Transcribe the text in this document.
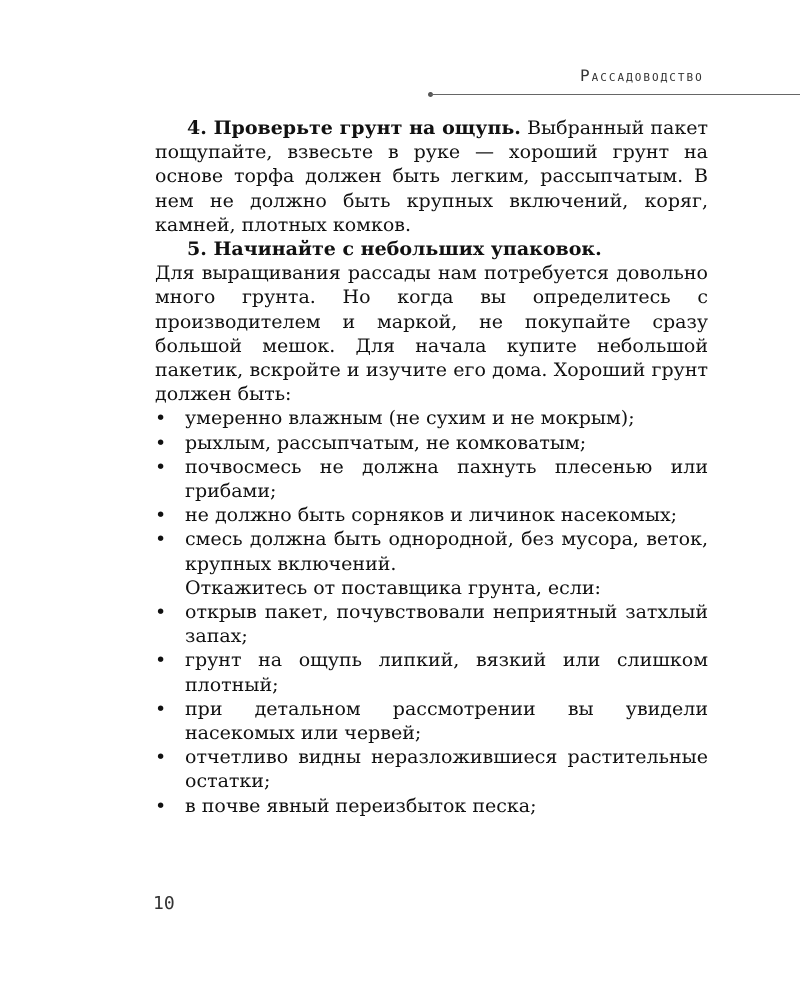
Рассадоводство

4. Проверьте грунт на ощупь. Выбранный пакет пощупайте, взвесьте в руке — хороший грунт на основе торфа должен быть легким, рассыпчатым. В нем не должно быть крупных включений, коряг, камней, плотных комков.

5. Начинайте с небольших упаковок.

Для выращивания рассады нам потребуется довольно много грунта. Но когда вы определитесь с производителем и маркой, не покупайте сразу большой мешок. Для начала купите небольшой пакетик, вскройте и изучите его дома. Хороший грунт должен быть:

• умеренно влажным (не сухим и не мокрым);
• рыхлым, рассыпчатым, не комковатым;
• почвосмесь не должна пахнуть плесенью или грибами;
• не должно быть сорняков и личинок насекомых;
• смесь должна быть однородной, без мусора, веток, крупных включений.

Откажитесь от поставщика грунта, если:

• открыв пакет, почувствовали неприятный затхлый запах;
• грунт на ощупь липкий, вязкий или слишком плотный;
• при детальном рассмотрении вы увидели насекомых или червей;
• отчетливо видны неразложившиеся растительные остатки;
• в почве явный переизбыток песка;
10
